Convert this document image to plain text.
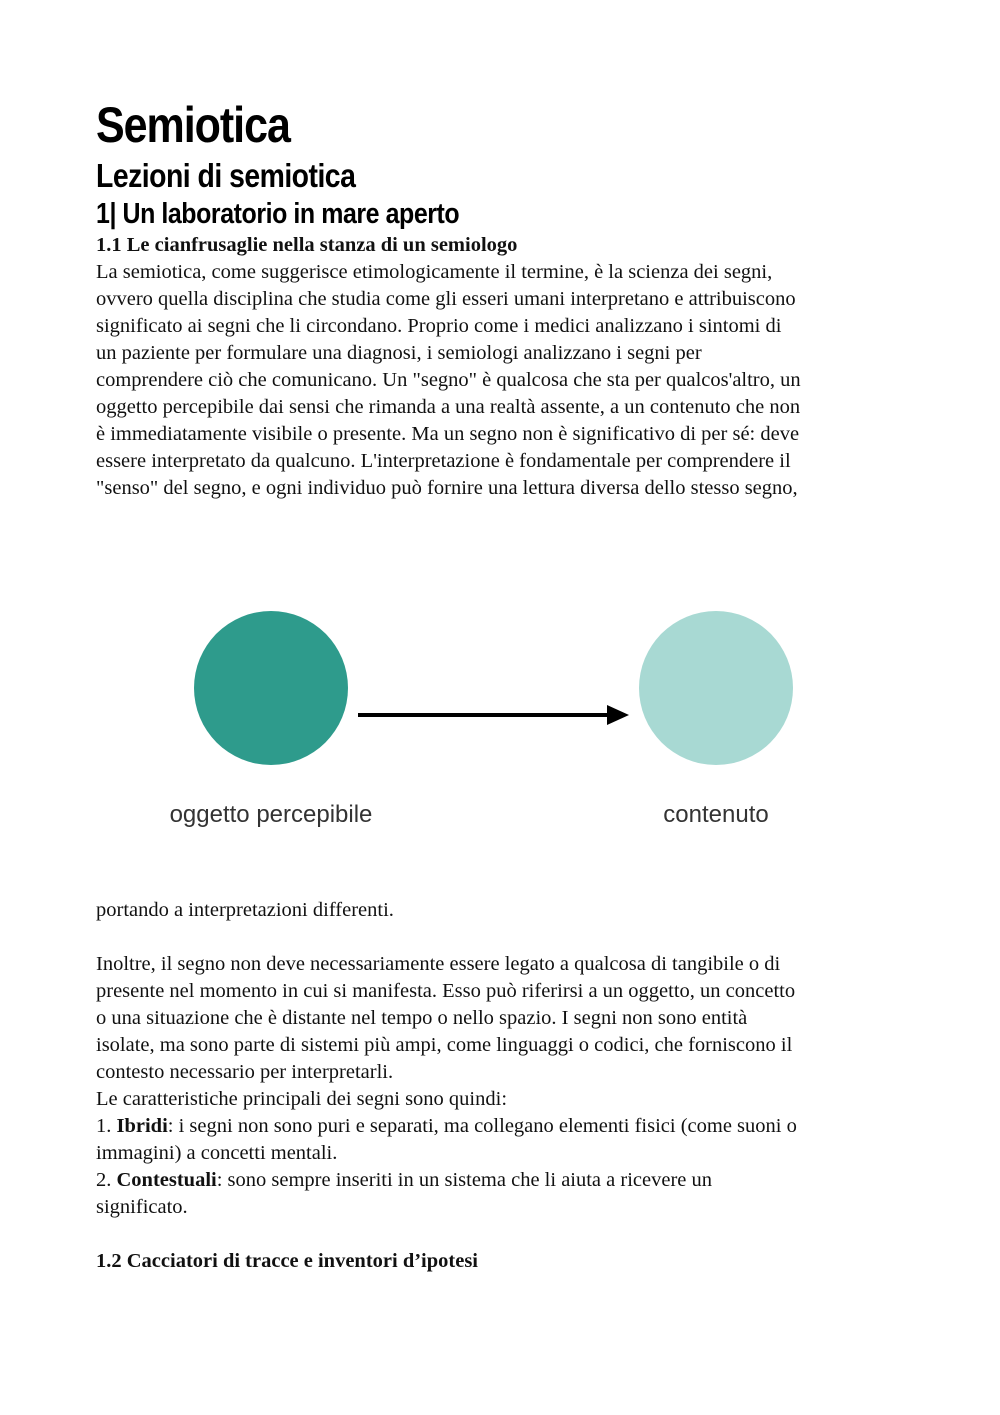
Semiotica
Lezioni di semiotica
1| Un laboratorio in mare aperto
1.1 Le cianfrusaglie nella stanza di un semiologo

La semiotica, come suggerisce etimologicamente il termine, è la scienza dei segni,

ovvero quella disciplina che studia come gli esseri umani interpretano e attribuiscono

significato ai segni che li circondano. Proprio come i medici analizzano i sintomi di

un paziente per formulare una diagnosi, i semiologi analizzano i segni per

comprendere ciò che comunicano. Un "segno" è qualcosa che sta per qualcos'altro, un

oggetto percepibile dai sensi che rimanda a una realtà assente, a un contenuto che non

è immediatamente visibile o presente. Ma un segno non è significativo di per sé: deve

essere interpretato da qualcuno. L'interpretazione è fondamentale per comprendere il

"senso" del segno, e ogni individuo può fornire una lettura diversa dello stesso segno,

oggetto percepibile	contenuto

portando a interpretazioni differenti.

Inoltre, il segno non deve necessariamente essere legato a qualcosa di tangibile o di

presente nel momento in cui si manifesta. Esso può riferirsi a un oggetto, un concetto

o una situazione che è distante nel tempo o nello spazio. I segni non sono entità

isolate, ma sono parte di sistemi più ampi, come linguaggi o codici, che forniscono il

contesto necessario per interpretarli.

Le caratteristiche principali dei segni sono quindi:

1. Ibridi: i segni non sono puri e separati, ma collegano elementi fisici (come suoni o

immagini) a concetti mentali.

2. Contestuali: sono sempre inseriti in un sistema che li aiuta a ricevere un

significato.

1.2 Cacciatori di tracce e inventori d’ipotesi
